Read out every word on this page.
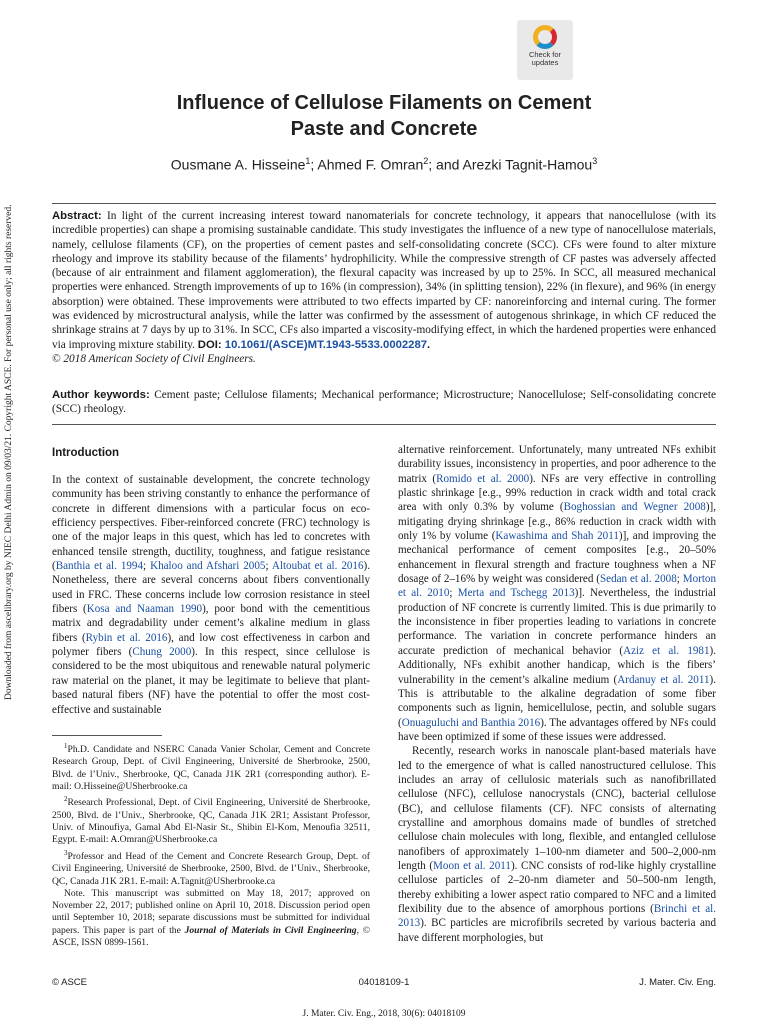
Downloaded from ascelibrary.org by NIEC Delhi Admin on 09/03/21. Copyright ASCE. For personal use only; all rights reserved.
Check for
updates
Influence of Cellulose Filaments on Cement
Paste and Concrete
Ousmane A. Hisseine$^1$; Ahmed F. Omran$^2$; and Arezki Tagnit-Hamou$^3$
Abstract: In light of the current increasing interest toward nanomaterials for concrete technology, it appears that nanocellulose (with its incredible properties) can shape a promising sustainable candidate. This study investigates the influence of a new type of nanocellulose materials, namely, cellulose filaments (CF), on the properties of cement pastes and self-consolidating concrete (SCC). CFs were found to alter mixture rheology and improve its stability because of the filaments’ hydrophilicity. While the compressive strength of CF pastes was adversely affected (because of air entrainment and filament agglomeration), the flexural capacity was increased by up to 25%. In SCC, all measured mechanical properties were enhanced. Strength improvements of up to 16% (in compression), 34% (in splitting tension), 22% (in flexure), and 96% (in energy absorption) were obtained. These improvements were attributed to two effects imparted by CF: nanoreinforcing and internal curing. The former was evidenced by microstructural analysis, while the latter was confirmed by the assessment of autogenous shrinkage, in which CF reduced the shrinkage strains at 7 days by up to 31%. In SCC, CFs also imparted a viscosity-modifying effect, in which the hardened properties were enhanced via improving mixture stability. DOI: 10.1061/(ASCE)MT.1943-5533.0002287.
© 2018 American Society of Civil Engineers.
Author keywords: Cement paste; Cellulose filaments; Mechanical performance; Microstructure; Nanocellulose; Self-consolidating concrete (SCC) rheology.
Introduction

In the context of sustainable development, the concrete technology community has been striving constantly to enhance the performance of concrete in different dimensions with a particular focus on eco-efficiency perspectives. Fiber-reinforced concrete (FRC) technology is one of the major leaps in this quest, which has led to concretes with enhanced tensile strength, ductility, toughness, and fatigue resistance (Banthia et al. 1994; Khaloo and Afshari 2005; Altoubat et al. 2016). Nonetheless, there are several concerns about fibers conventionally used in FRC. These concerns include low corrosion resistance in steel fibers (Kosa and Naaman 1990), poor bond with the cementitious matrix and degradability under cement’s alkaline medium in glass fibers (Rybin et al. 2016), and low cost effectiveness in carbon and polymer fibers (Chung 2000). In this respect, since cellulose is considered to be the most ubiquitous and renewable natural polymeric raw material on the planet, it may be legitimate to believe that plant-based natural fibers (NF) have the potential to offer the most cost-effective and sustainable

$^1$Ph.D. Candidate and NSERC Canada Vanier Scholar, Cement and Concrete Research Group, Dept. of Civil Engineering, Université de Sherbrooke, 2500, Blvd. de l’Univ., Sherbrooke, QC, Canada J1K 2R1 (corresponding author). E-mail: O.Hisseine@USherbrooke.ca

$^2$Research Professional, Dept. of Civil Engineering, Université de Sherbrooke, 2500, Blvd. de l’Univ., Sherbrooke, QC, Canada J1K 2R1; Assistant Professor, Univ. of Minoufiya, Gamal Abd El-Nasir St., Shibin El-Kom, Menoufia 32511, Egypt. E-mail: A.Omran@USherbrooke.ca

$^3$Professor and Head of the Cement and Concrete Research Group, Dept. of Civil Engineering, Université de Sherbrooke, 2500, Blvd. de l’Univ., Sherbrooke, QC, Canada J1K 2R1. E-mail: A.Tagnit@USherbrooke.ca

Note. This manuscript was submitted on May 18, 2017; approved on November 22, 2017; published online on April 10, 2018. Discussion period open until September 10, 2018; separate discussions must be submitted for individual papers. This paper is part of the Journal of Materials in Civil Engineering, © ASCE, ISSN 0899-1561.

alternative reinforcement. Unfortunately, many untreated NFs exhibit durability issues, inconsistency in properties, and poor adherence to the matrix (Romido et al. 2000). NFs are very effective in controlling plastic shrinkage [e.g., 99% reduction in crack width and total crack area with only 0.3% by volume (Boghossian and Wegner 2008)], mitigating drying shrinkage [e.g., 86% reduction in crack width with only 1% by volume (Kawashima and Shah 2011)], and improving the mechanical performance of cement composites [e.g., 20–50% enhancement in flexural strength and fracture toughness when a NF dosage of 2–16% by weight was considered (Sedan et al. 2008; Morton et al. 2010; Merta and Tschegg 2013)]. Nevertheless, the industrial production of NF concrete is currently limited. This is due primarily to the inconsistence in fiber properties leading to variations in concrete performance. The variation in concrete performance hinders an accurate prediction of mechanical behavior (Aziz et al. 1981). Additionally, NFs exhibit another handicap, which is the fibers’ vulnerability in the cement’s alkaline medium (Ardanuy et al. 2011). This is attributable to the alkaline degradation of some fiber components such as lignin, hemicellulose, pectin, and soluble sugars (Onuaguluchi and Banthia 2016). The advantages offered by NFs could have been optimized if some of these issues were addressed.

Recently, research works in nanoscale plant-based materials have led to the emergence of what is called nanostructured cellulose. This includes an array of cellulosic materials such as nanofibrillated cellulose (NFC), cellulose nanocrystals (CNC), bacterial cellulose (BC), and cellulose filaments (CF). NFC consists of alternating crystalline and amorphous domains made of bundles of stretched cellulose chain molecules with long, flexible, and entangled cellulose nanofibers of approximately 1–100-nm diameter and 500–2,000-nm length (Moon et al. 2011). CNC consists of rod-like highly crystalline cellulose particles of 2–20-nm diameter and 50–500-nm length, thereby exhibiting a lower aspect ratio compared to NFC and a limited flexibility due to the absence of amorphous portions (Brinchi et al. 2013). BC particles are microfibrils secreted by various bacteria and have different morphologies, but

© ASCE	04018109-1	J. Mater. Civ. Eng.
J. Mater. Civ. Eng., 2018, 30(6): 04018109
